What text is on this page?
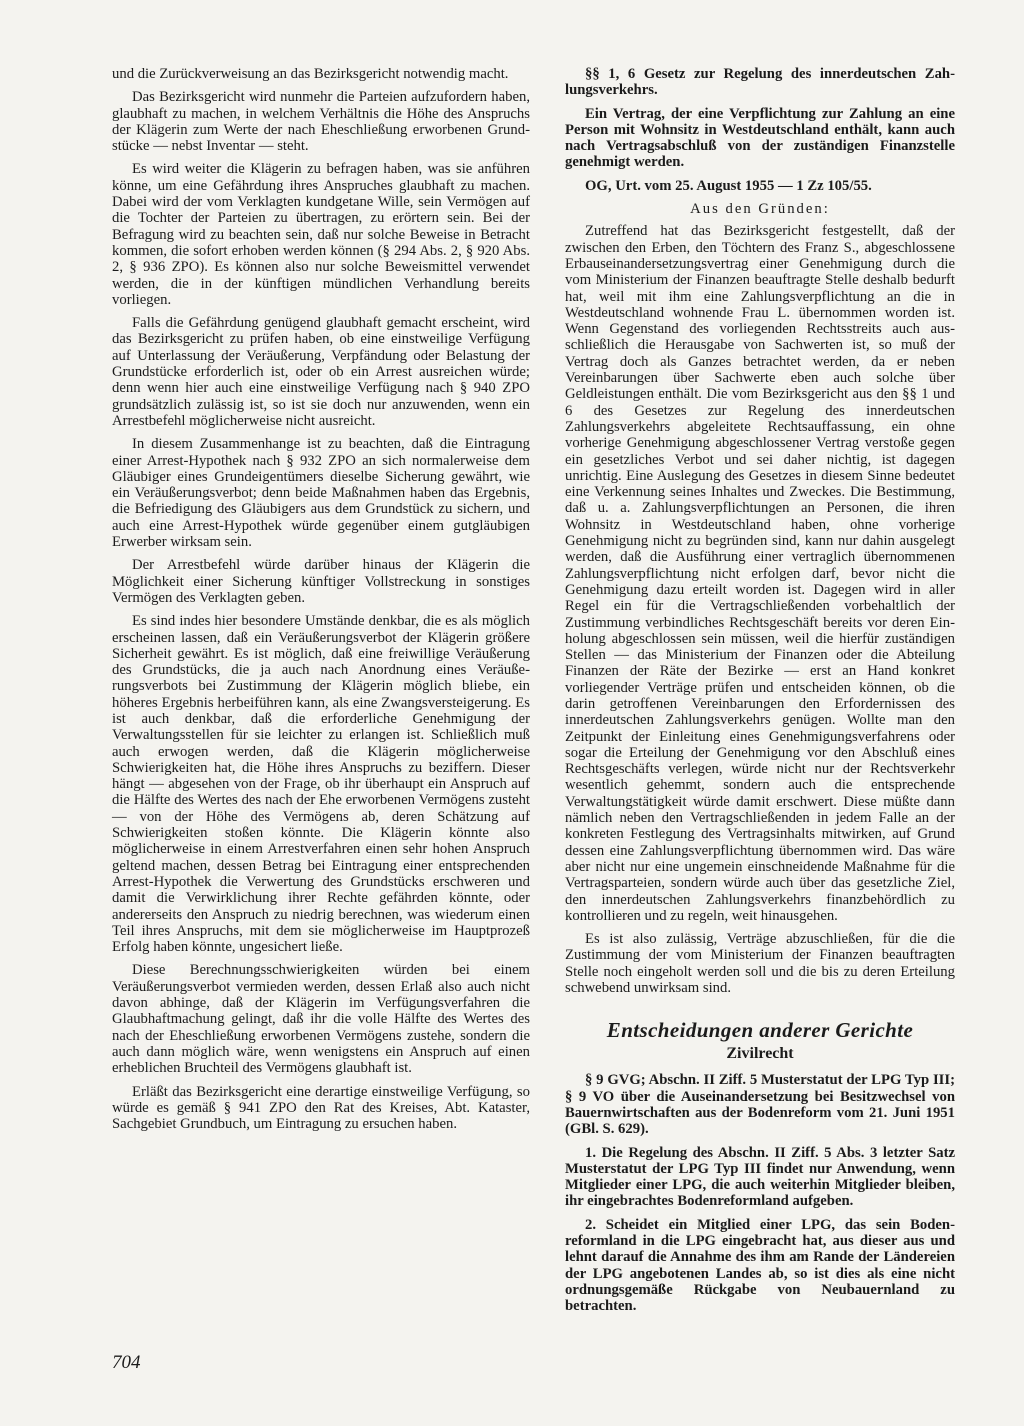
und die Zurückverweisung an das Bezirksgericht notwendig macht.

Das Bezirksgericht wird nunmehr die Parteien aufzufordern haben, glaubhaft zu machen, in welchem Verhältnis die Höhe des Anspruchs der Klägerin zum Werte der nach Eheschließung erworbenen Grundstücke — nebst Inventar — steht.

Es wird weiter die Klägerin zu befragen haben, was sie anführen könne, um eine Gefährdung ihres Anspruches glaubhaft zu machen. Dabei wird der vom Verklagten kundgetane Wille, sein Vermögen auf die Tochter der Parteien zu übertragen, zu erörtern sein. Bei der Befragung wird zu beachten sein, daß nur solche Beweise in Betracht kommen, die sofort erhoben werden können (§ 294 Abs. 2, § 920 Abs. 2, § 936 ZPO). Es können also nur solche Beweismittel verwendet werden, die in der künftigen mündlichen Verhandlung bereits vorliegen.

Falls die Gefährdung genügend glaubhaft gemacht erscheint, wird das Bezirksgericht zu prüfen haben, ob eine einstweilige Verfügung auf Unterlassung der Veräußerung, Verpfändung oder Belastung der Grundstücke erforderlich ist, oder ob ein Arrest ausreichen würde; denn wenn hier auch eine einstweilige Verfügung nach § 940 ZPO grundsätzlich zulässig ist, so ist sie doch nur anzuwenden, wenn ein Arrestbefehl möglicherweise nicht ausreicht.

In diesem Zusammenhange ist zu beachten, daß die Eintragung einer Arrest-Hypothek nach § 932 ZPO an sich normalerweise dem Gläubiger eines Grundeigentümers dieselbe Sicherung gewährt, wie ein Veräußerungsverbot; denn beide Maßnahmen haben das Ergebnis, die Befriedigung des Gläubigers aus dem Grundstück zu sichern, und auch eine Arrest-Hypothek würde gegenüber einem gutgläubigen Erwerber wirksam sein.

Der Arrestbefehl würde darüber hinaus der Klägerin die Möglichkeit einer Sicherung künftiger Vollstreckung in sonstiges Vermögen des Verklagten geben.

Es sind indes hier besondere Umstände denkbar, die es als möglich erscheinen lassen, daß ein Veräußerungsverbot der Klägerin größere Sicherheit gewährt. Es ist möglich, daß eine freiwillige Veräußerung des Grundstücks, die ja auch nach Anordnung eines Veräußerungsverbots bei Zustimmung der Klägerin möglich bliebe, ein höheres Ergebnis herbeiführen kann, als eine Zwangsversteigerung. Es ist auch denkbar, daß die erforderliche Genehmigung der Verwaltungsstellen für sie leichter zu erlangen ist. Schließlich muß auch erwogen werden, daß die Klägerin möglicherweise Schwierigkeiten hat, die Höhe ihres Anspruchs zu beziffern. Dieser hängt — abgesehen von der Frage, ob ihr überhaupt ein Anspruch auf die Hälfte des Wertes des nach der Ehe erworbenen Vermögens zusteht — von der Höhe des Vermögens ab, deren Schätzung auf Schwierigkeiten stoßen könnte. Die Klägerin könnte also möglicherweise in einem Arrestverfahren einen sehr hohen Anspruch geltend machen, dessen Betrag bei Eintragung einer entsprechenden Arrest-Hypothek die Verwertung des Grundstücks erschweren und damit die Verwirklichung ihrer Rechte gefährden könnte, oder andererseits den Anspruch zu niedrig berechnen, was wiederum einen Teil ihres Anspruchs, mit dem sie möglicherweise im Hauptprozeß Erfolg haben könnte, ungesichert ließe.

Diese Berechnungsschwierigkeiten würden bei einem Veräußerungsverbot vermieden werden, dessen Erlaß also auch nicht davon abhinge, daß der Klägerin im Verfügungsverfahren die Glaubhaftmachung gelingt, daß ihr die volle Hälfte des Wertes des nach der Eheschließung erworbenen Vermögens zustehe, sondern die auch dann möglich wäre, wenn wenigstens ein Anspruch auf einen erheblichen Bruchteil des Vermögens glaubhaft ist.

Erläßt das Bezirksgericht eine derartige einstweilige Verfügung, so würde es gemäß § 941 ZPO den Rat des Kreises, Abt. Kataster, Sachgebiet Grundbuch, um Eintragung zu ersuchen haben.

§§ 1, 6 Gesetz zur Regelung des innerdeutschen Zahlungsverkehrs.

Ein Vertrag, der eine Verpflichtung zur Zahlung an eine Person mit Wohnsitz in Westdeutschland enthält, kann auch nach Vertragsabschluß von der zuständigen Finanzstelle genehmigt werden.

OG, Urt. vom 25. August 1955 — 1 Zz 105/55.

Aus den Gründen:

Zutreffend hat das Bezirksgericht festgestellt, daß der zwischen den Erben, den Töchtern des Franz S., abgeschlossene Erbauseinandersetzungsvertrag einer Genehmigung durch die vom Ministerium der Finanzen beauftragte Stelle deshalb bedurft hat, weil mit ihm eine Zahlungsverpflichtung an die in Westdeutschland wohnende Frau L. übernommen worden ist. Wenn Gegenstand des vorliegenden Rechtsstreits auch ausschließlich die Herausgabe von Sachwerten ist, so muß der Vertrag doch als Ganzes betrachtet werden, da er neben Vereinbarungen über Sachwerte eben auch solche über Geldleistungen enthält. Die vom Bezirksgericht aus den §§ 1 und 6 des Gesetzes zur Regelung des innerdeutschen Zahlungsverkehrs abgeleitete Rechtsauffassung, ein ohne vorherige Genehmigung abgeschlossener Vertrag verstoße gegen ein gesetzliches Verbot und sei daher nichtig, ist dagegen unrichtig. Eine Auslegung des Gesetzes in diesem Sinne bedeutet eine Verkennung seines Inhaltes und Zweckes. Die Bestimmung, daß u. a. Zahlungsverpflichtungen an Personen, die ihren Wohnsitz in Westdeutschland haben, ohne vorherige Genehmigung nicht zu begründen sind, kann nur dahin ausgelegt werden, daß die Ausführung einer vertraglich übernommenen Zahlungsverpflichtung nicht erfolgen darf, bevor nicht die Genehmigung dazu erteilt worden ist. Dagegen wird in aller Regel ein für die Vertragschließenden vorbehaltlich der Zustimmung verbindliches Rechtsgeschäft bereits vor deren Einholung abgeschlossen sein müssen, weil die hierfür zuständigen Stellen — das Ministerium der Finanzen oder die Abteilung Finanzen der Räte der Bezirke — erst an Hand konkret vorliegender Verträge prüfen und entscheiden können, ob die darin getroffenen Vereinbarungen den Erfordernissen des innerdeutschen Zahlungsverkehrs genügen. Wollte man den Zeitpunkt der Einleitung eines Genehmigungsverfahrens oder sogar die Erteilung der Genehmigung vor den Abschluß eines Rechtsgeschäfts verlegen, würde nicht nur der Rechtsverkehr wesentlich gehemmt, sondern auch die entsprechende Verwaltungstätigkeit würde damit erschwert. Diese müßte dann nämlich neben den Vertragschließenden in jedem Falle an der konkreten Festlegung des Vertragsinhalts mitwirken, auf Grund dessen eine Zahlungsverpflichtung übernommen wird. Das wäre aber nicht nur eine ungemein einschneidende Maßnahme für die Vertragsparteien, sondern würde auch über das gesetzliche Ziel, den innerdeutschen Zahlungsverkehrs finanzbehördlich zu kontrollieren und zu regeln, weit hinausgehen.

Es ist also zulässig, Verträge abzuschließen, für die die Zustimmung der vom Ministerium der Finanzen beauftragten Stelle noch eingeholt werden soll und die bis zu deren Erteilung schwebend unwirksam sind.

Entscheidungen anderer Gerichte
Zivilrecht

§ 9 GVG; Abschn. II Ziff. 5 Musterstatut der LPG Typ III; § 9 VO über die Auseinandersetzung bei Besitzwechsel von Bauernwirtschaften aus der Bodenreform vom 21. Juni 1951 (GBl. S. 629).

1. Die Regelung des Abschn. II Ziff. 5 Abs. 3 letzter Satz Musterstatut der LPG Typ III findet nur Anwendung, wenn Mitglieder einer LPG, die auch weiterhin Mitglieder bleiben, ihr eingebrachtes Bodenreformland aufgeben.

2. Scheidet ein Mitglied einer LPG, das sein Bodenreformland in die LPG eingebracht hat, aus dieser aus und lehnt darauf die Annahme des ihm am Rande der Ländereien der LPG angebotenen Landes ab, so ist dies als eine nicht ordnungsgemäße Rückgabe von Neubauernland zu betrachten.

704
